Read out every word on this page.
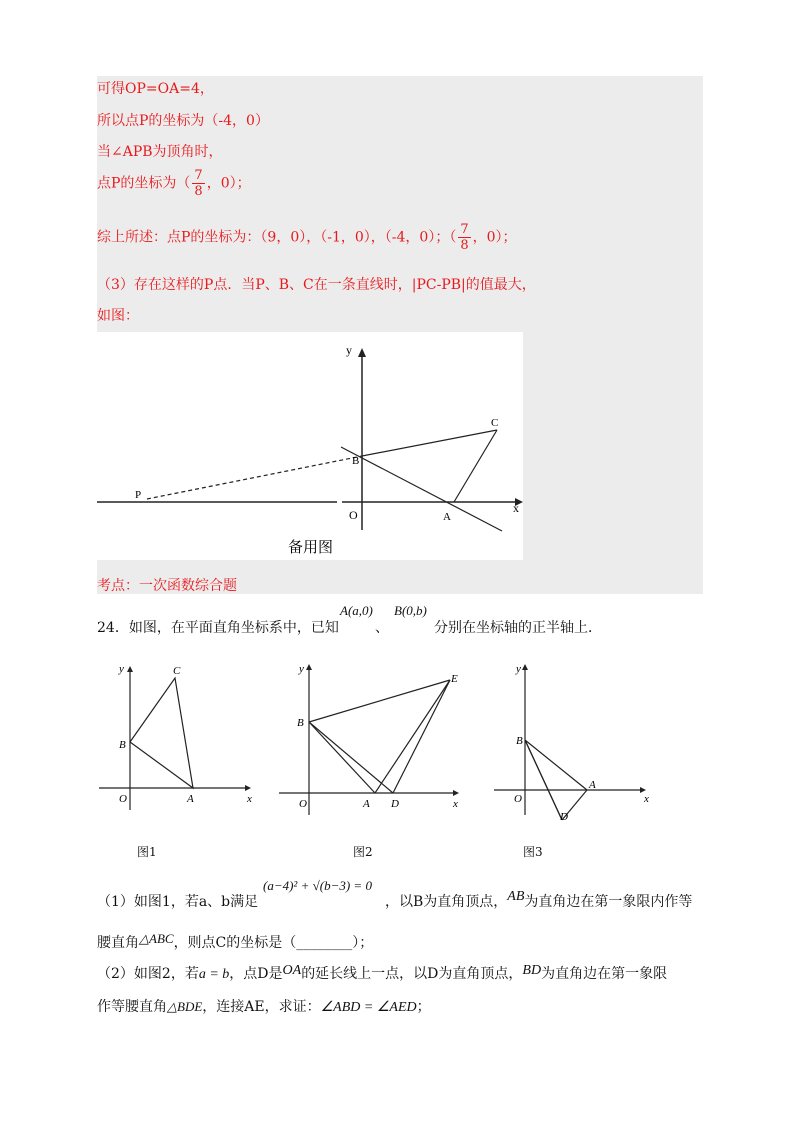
可得OP=OA=4，
所以点P的坐标为（-4，0）
当∠APB为顶角时，
点P的坐标为（ $\frac{7}{8}$ ，0）；
综上所述：点P的坐标为：（9，0），（-1，0），（-4，0）；（ $\frac{7}{8}$ ，0）；
（3）存在这样的P点．当P、B、C在一条直线时，|PC-PB|的值最大，
如图：
y
x
O
B
C
A
P
备用图
考点：一次函数综合题
24．如图，在平面直角坐标系中，已知
A(a,0)
、
B(0,b)
分别在坐标轴的正半轴上．
y
x
O
B
C
A
图1
y
x
O
B
E
A D
图2
y
x
O
B
A
D
图3
（1）如图1，若a、b满足
(a−4)² + √(b−3) = 0
，以B为直角顶点，AB为直角边在第一象限内作等
腰直角△ABC，则点C的坐标是（________）；
（2）如图2，若a = b，点D是OA的延长线上一点，以D为直角顶点，BD为直角边在第一象限
作等腰直角△BDE，连接AE，求证：∠ABD = ∠AED；
